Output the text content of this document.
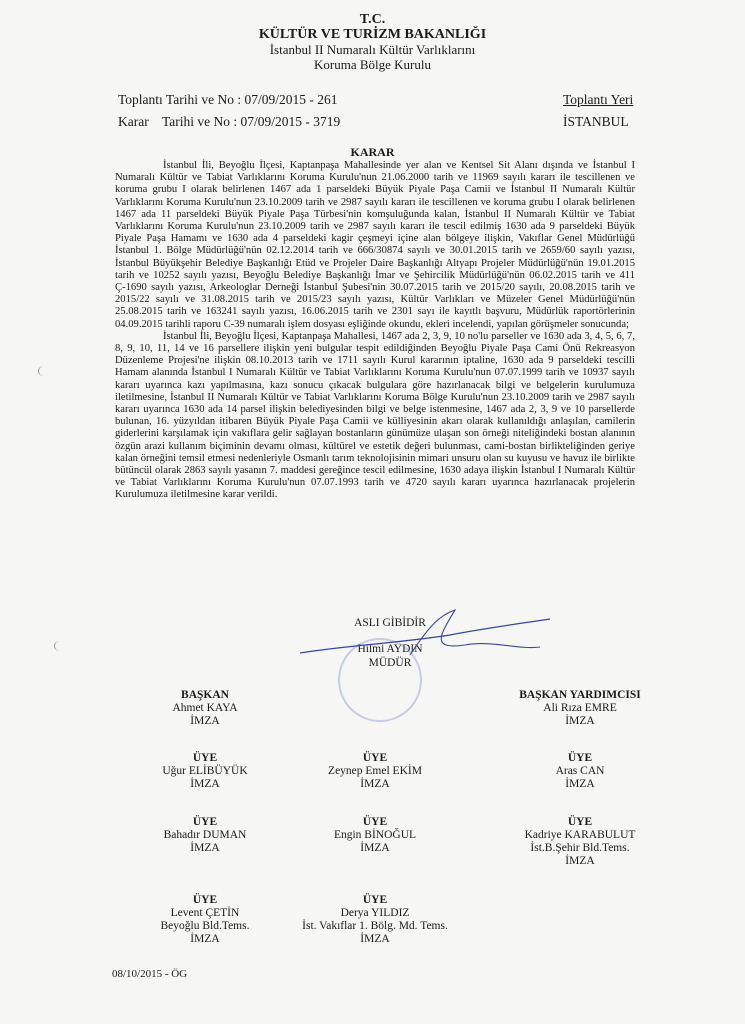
T.C.
KÜLTÜR VE TURİZM BAKANLIĞI
İstanbul II Numaralı Kültür Varlıklarını
Koruma Bölge Kurulu
Toplantı Tarihi ve No : 07/09/2015 - 261
Karar    Tarihi ve No : 07/09/2015 - 3719
Toplantı Yeri
İSTANBUL
KARAR

İstanbul İli, Beyoğlu İlçesi, Kaptanpaşa Mahallesinde yer alan ve Kentsel Sit Alanı dışında ve İstanbul I Numaralı Kültür ve Tabiat Varlıklarını Koruma Kurulu'nun 21.06.2000 tarih ve 11969 sayılı kararı ile tescillenen ve koruma grubu I olarak belirlenen 1467 ada 1 parseldeki Büyük Piyale Paşa Camii ve İstanbul II Numaralı Kültür Varlıklarını Koruma Kurulu'nun 23.10.2009 tarih ve 2987 sayılı kararı ile tescillenen ve koruma grubu I olarak belirlenen 1467 ada 11 parseldeki Büyük Piyale Paşa Türbesi'nin komşuluğunda kalan, İstanbul II Numaralı Kültür ve Tabiat Varlıklarını Koruma Kurulu'nun 23.10.2009 tarih ve 2987 sayılı kararı ile tescil edilmiş 1630 ada 9 parseldeki Büyük Piyale Paşa Hamamı ve 1630 ada 4 parseldeki kagir çeşmeyi içine alan bölgeye ilişkin, Vakıflar Genel Müdürlüğü İstanbul 1. Bölge Müdürlüğü'nün 02.12.2014 tarih ve 666/30874 sayılı ve 30.01.2015 tarih ve 2659/60 sayılı yazısı, İstanbul Büyükşehir Belediye Başkanlığı Etüd ve Projeler Daire Başkanlığı Altyapı Projeler Müdürlüğü'nün 19.01.2015 tarih ve 10252 sayılı yazısı, Beyoğlu Belediye Başkanlığı İmar ve Şehircilik Müdürlüğü'nün 06.02.2015 tarih ve 411 Ç-1690 sayılı yazısı, Arkeologlar Derneği İstanbul Şubesi'nin 30.07.2015 tarih ve 2015/20 sayılı, 20.08.2015 tarih ve 2015/22 sayılı ve 31.08.2015 tarih ve 2015/23 sayılı yazısı, Kültür Varlıkları ve Müzeler Genel Müdürlüğü'nün 25.08.2015 tarih ve 163241 sayılı yazısı, 16.06.2015 tarih ve 2301 sayı ile kayıtlı başvuru, Müdürlük raportörlerinin 04.09.2015 tarihli raporu C-39 numaralı işlem dosyası eşliğinde okundu, ekleri incelendi, yapılan görüşmeler sonucunda;

İstanbul İli, Beyoğlu İlçesi, Kaptanpaşa Mahallesi, 1467 ada 2, 3, 9, 10 no'lu parseller ve 1630 ada 3, 4, 5, 6, 7, 8, 9, 10, 11, 14 ve 16 parsellere ilişkin yeni bulgular tespit edildiğinden Beyoğlu Piyale Paşa Cami Önü Rekreasyon Düzenleme Projesi'ne ilişkin 08.10.2013 tarih ve 1711 sayılı Kurul kararının iptaline, 1630 ada 9 parseldeki tescilli Hamam alanında İstanbul I Numaralı Kültür ve Tabiat Varlıklarını Koruma Kurulu'nun 07.07.1999 tarih ve 10937 sayılı kararı uyarınca kazı yapılmasına, kazı sonucu çıkacak bulgulara göre hazırlanacak bilgi ve belgelerin kurulumuza iletilmesine, İstanbul II Numaralı Kültür ve Tabiat Varlıklarını Koruma Bölge Kurulu'nun 23.10.2009 tarih ve 2987 sayılı kararı uyarınca 1630 ada 14 parsel ilişkin belediyesinden bilgi ve belge istenmesine, 1467 ada 2, 3, 9 ve 10 parsellerde bulunan, 16. yüzyıldan itibaren Büyük Piyale Paşa Camii ve külliyesinin akarı olarak kullanıldığı anlaşılan, camilerin giderlerini karşılamak için vakıflara gelir sağlayan bostanların günümüze ulaşan son örneği niteliğindeki bostan alanının özgün arazi kullanım biçiminin devamı olması, kültürel ve estetik değeri bulunması, cami-bostan birlikteliğinden geriye kalan örneğini temsil etmesi nedenleriyle Osmanlı tarım teknolojisinin mimari unsuru olan su kuyusu ve havuz ile birlikte bütüncül olarak 2863 sayılı yasanın 7. maddesi gereğince tescil edilmesine, 1630 adaya ilişkin İstanbul I Numaralı Kültür ve Tabiat Varlıklarını Koruma Kurulu'nun 07.07.1993 tarih ve 4720 sayılı kararı uyarınca hazırlanacak projelerin Kurulumuza iletilmesine karar verildi.

ASLI GİBİDİR
Hilmi AYDIN
MÜDÜR
BAŞKAN
Ahmet KAYA
İMZA
BAŞKAN YARDIMCISI
Ali Rıza EMRE
İMZA
ÜYE
Uğur ELİBÜYÜK
İMZA
ÜYE
Zeynep Emel EKİM
İMZA
ÜYE
Aras CAN
İMZA
ÜYE
Bahadır DUMAN
İMZA
ÜYE
Engin BİNOĞUL
İMZA
ÜYE
Kadriye KARABULUT
İst.B.Şehir Bld.Tems.
İMZA
ÜYE
Levent ÇETİN
Beyoğlu Bld.Tems.
İMZA
ÜYE
Derya YILDIZ
İst. Vakıflar 1. Bölg. Md. Tems.
İMZA
08/10/2015 - ÖG
